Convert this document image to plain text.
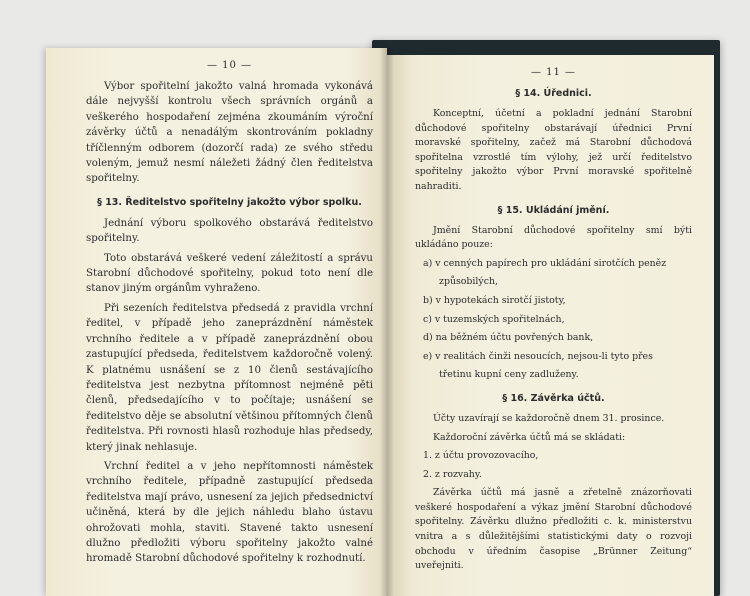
— 10 —

Výbor spořitelní jakožto valná hromada vykonává dále nejvyšší kontrolu všech správních orgánů a veškerého hospodaření zejména zkoumáním výroční závěrky účtů a nenadálým skontrováním pokladny tříčlenným odborem (dozorčí rada) ze svého středu voleným, jemuž nesmí náležeti žádný člen ředitelstva spořitelny.

§ 13. Ředitelstvo spořitelny jakožto výbor spolku.

Jednání výboru spolkového obstarává ředitelstvo spořitelny.

Toto obstarává veškeré vedení záležitostí a správu Starobní důchodové spořitelny, pokud toto není dle stanov jiným orgánům vyhraženo.

Při sezeních ředitelstva předsedá z pravidla vrchní ředitel, v případě jeho zaneprázdnění náměstek vrchního ředitele a v případě zaneprázdnění obou zastupující předseda, ředitelstvem každoročně volený. K platnému usnášení se z 10 členů sestávajícího ředitelstva jest nezbytna přítomnost nejméně pěti členů, předsedajícího v to počítaje; usnášení se ředitelstvo děje se absolutní většinou přítomných členů ředitelstva. Při rovnosti hlasů rozhoduje hlas předsedy, který jinak nehlasuje.

Vrchní ředitel a v jeho nepřítomnosti náměstek vrchního ředitele, případně zastupující předseda ředitelstva mají právo, usnesení za jejich předsednictví učiněná, která by dle jejich náhledu blaho ústavu ohrožovati mohla, staviti. Stavené takto usnesení dlužno předložiti výboru spořitelny jakožto valné hromadě Starobní důchodové spořitelny k rozhodnutí.

— 11 —
§ 14. Úřednici.

Konceptní, účetní a pokladní jednání Starobní důchodové spořitelny obstarávají úřednici První moravské spořitelny, začež má Starobní důchodová spořitelna vzrostlé tím výlohy, jež určí ředitelstvo spořitelny jakožto výbor První moravské spořitelně nahraditi.

§ 15. Ukládání jmění.

Jmění Starobní důchodové spořitelny smí býti ukládáno pouze:

a) v cenných papírech pro ukládání sirotčích peněz

způsobilých,

b) v hypotekách sirotčí jistoty,

c) v tuzemských spořitelnách,

d) na běžném účtu povřených bank,

e) v realitách činži nesoucích, nejsou-li tyto přes

třetinu kupní ceny zadluženy.

§ 16. Závěrka účtů.

Účty uzavírají se každoročně dnem 31. prosince.

Každoroční závěrka účtů má se skládati:

1. z účtu provozovacího,

2. z rozvahy.

Závěrka účtů má jasně a zřetelně znázorňovati veškeré hospodaření a výkaz jmění Starobní důchodové spořitelny. Závěrku dlužno předložiti c. k. ministerstvu vnitra a s důležitějšími statistickými daty o rozvoji obchodu v úředním časopise „Brünner Zeitung“ uveřejniti.
